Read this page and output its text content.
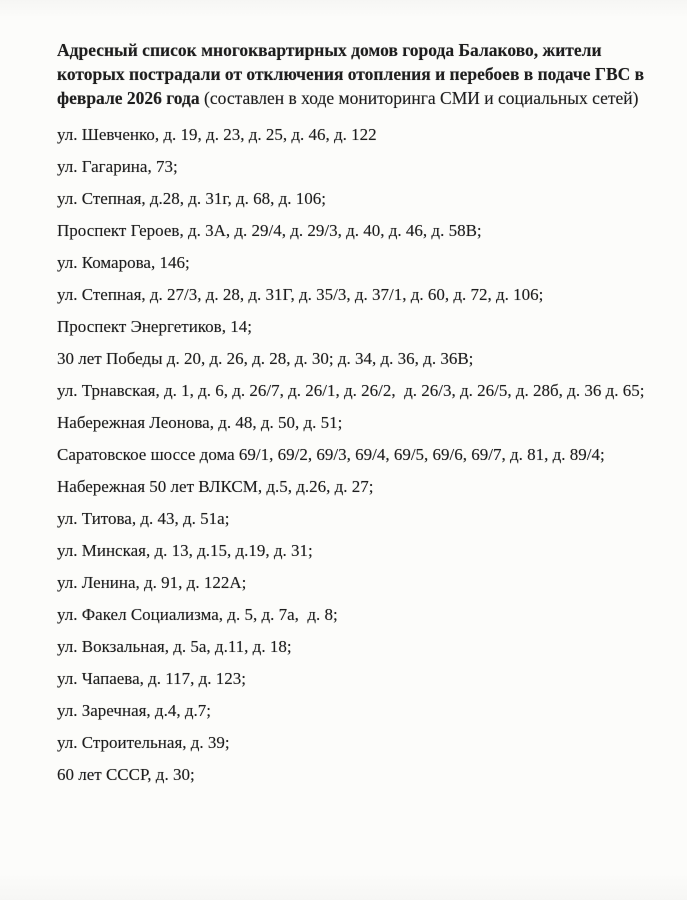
Адресный список многоквартирных домов города Балаково, жители которых пострадали от отключения отопления и перебоев в подаче ГВС в феврале 2026 года (составлен в ходе мониторинга СМИ и социальных сетей)

ул. Шевченко, д. 19, д. 23, д. 25, д. 46, д. 122

ул. Гагарина, 73;

ул. Степная, д.28, д. 31г, д. 68, д. 106;

Проспект Героев, д. 3А, д. 29/4, д. 29/3, д. 40, д. 46, д. 58В;

ул. Комарова, 146;

ул. Степная, д. 27/3, д. 28, д. 31Г, д. 35/3, д. 37/1, д. 60, д. 72, д. 106;

Проспект Энергетиков, 14;

30 лет Победы д. 20, д. 26, д. 28, д. 30; д. 34, д. 36, д. 36В;

ул. Трнавская, д. 1, д. 6, д. 26/7, д. 26/1, д. 26/2,  д. 26/3, д. 26/5, д. 28б, д. 36 д. 65;

Набережная Леонова, д. 48, д. 50, д. 51;

Саратовское шоссе дома 69/1, 69/2, 69/3, 69/4, 69/5, 69/6, 69/7, д. 81, д. 89/4;

Набережная 50 лет ВЛКСМ, д.5, д.26, д. 27;

ул. Титова, д. 43, д. 51а;

ул. Минская, д. 13, д.15, д.19, д. 31;

ул. Ленина, д. 91, д. 122А;

ул. Факел Социализма, д. 5, д. 7а,  д. 8;

ул. Вокзальная, д. 5а, д.11, д. 18;

ул. Чапаева, д. 117, д. 123;

ул. Заречная, д.4, д.7;

ул. Строительная, д. 39;

60 лет СССР, д. 30;
